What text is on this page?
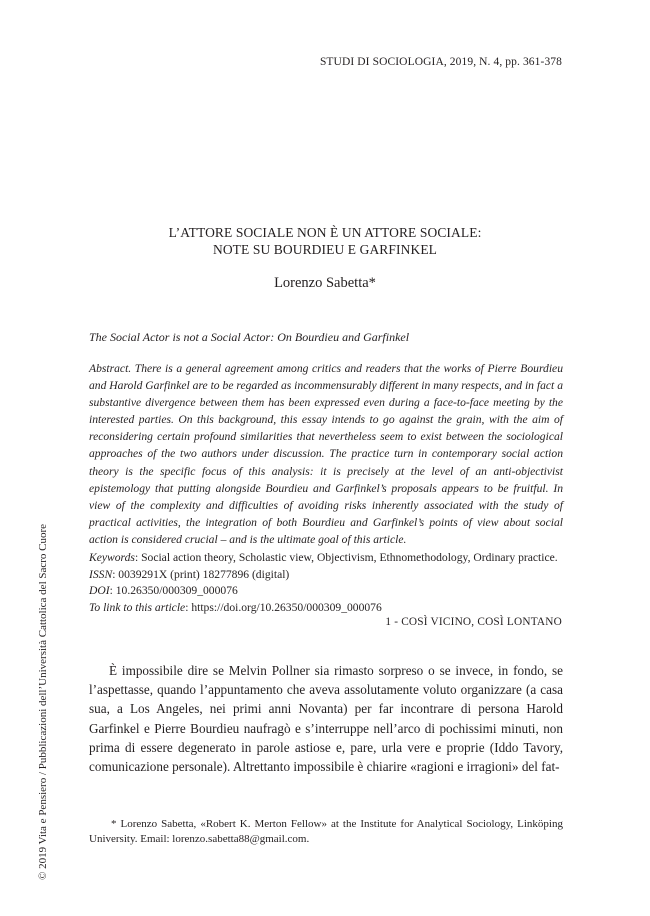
STUDI DI SOCIOLOGIA, 2019, N. 4, pp. 361-378
L’ATTORE SOCIALE NON È UN ATTORE SOCIALE:
NOTE SU BOURDIEU E GARFINKEL
Lorenzo Sabetta*
The Social Actor is not a Social Actor: On Bourdieu and Garfinkel
Abstract. There is a general agreement among critics and readers that the works of Pierre Bourdieu and Harold Garfinkel are to be regarded as incommensurably different in many respects, and in fact a substantive divergence between them has been expressed even during a face-to-face meeting by the interested parties. On this background, this essay intends to go against the grain, with the aim of reconsidering certain profound similarities that nevertheless seem to exist between the sociological approaches of the two authors under discussion. The practice turn in contemporary social action theory is the specific focus of this analysis: it is precisely at the level of an anti-objectivist epistemology that putting alongside Bourdieu and Garfinkel’s proposals appears to be fruitful. In view of the complexity and difficulties of avoiding risks inherently associated with the study of practical activities, the integration of both Bourdieu and Garfinkel’s points of view about social action is considered crucial – and is the ultimate goal of this article.
Keywords: Social action theory, Scholastic view, Objectivism, Ethnomethodology, Ordinary practice.
ISSN: 0039291X (print) 18277896 (digital)
DOI: 10.26350/000309_000076
To link to this article: https://doi.org/10.26350/000309_000076
1 - COSÌ VICINO, COSÌ LONTANO
È impossibile dire se Melvin Pollner sia rimasto sorpreso o se invece, in fondo, se l’aspettasse, quando l’appuntamento che aveva assolutamente voluto organizzare (a casa sua, a Los Angeles, nei primi anni Novanta) per far incontrare di persona Harold Garfinkel e Pierre Bourdieu naufragò e s’interruppe nell’arco di pochissimi minuti, non prima di essere degenerato in parole astiose e, pare, urla vere e proprie (Iddo Tavory, comunicazione personale). Altrettanto impossibile è chiarire «ragioni e irragioni» del fat-
* Lorenzo Sabetta, «Robert K. Merton Fellow» at the Institute for Analytical Sociology, Linköping University. Email: lorenzo.sabetta88@gmail.com.
© 2019 Vita e Pensiero / Pubblicazioni dell’Università Cattolica del Sacro Cuore
